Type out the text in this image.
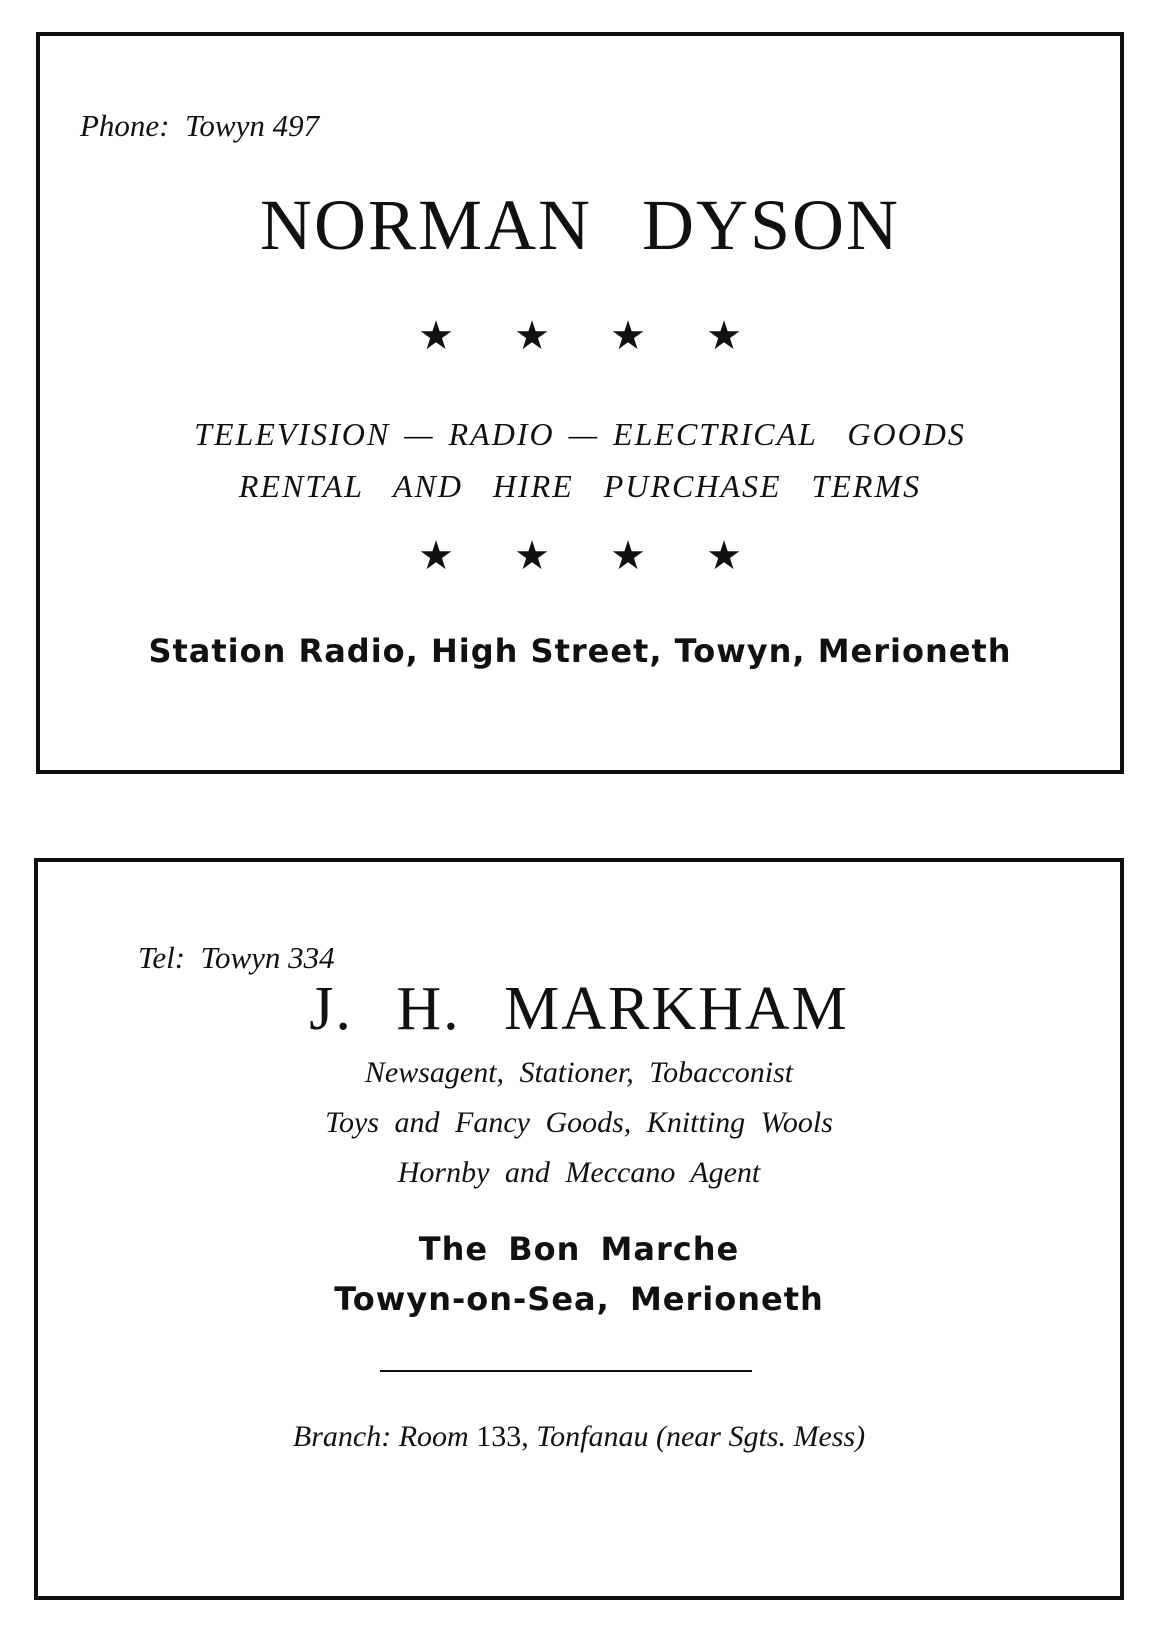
Phone: Towyn 497

NORMAN DYSON
★ ★ ★ ★
TELEVISION — RADIO — ELECTRICAL GOODS
RENTAL AND HIRE PURCHASE TERMS
★ ★ ★ ★

Station Radio, High Street, Towyn, Merioneth

Tel: Towyn 334

J. H. MARKHAM
Newsagent, Stationer, Tobacconist
Toys and Fancy Goods, Knitting Wools
Hornby and Meccano Agent
The Bon Marche
Towyn-on-Sea, Merioneth

Branch: Room 133, Tonfanau (near Sgts. Mess)
